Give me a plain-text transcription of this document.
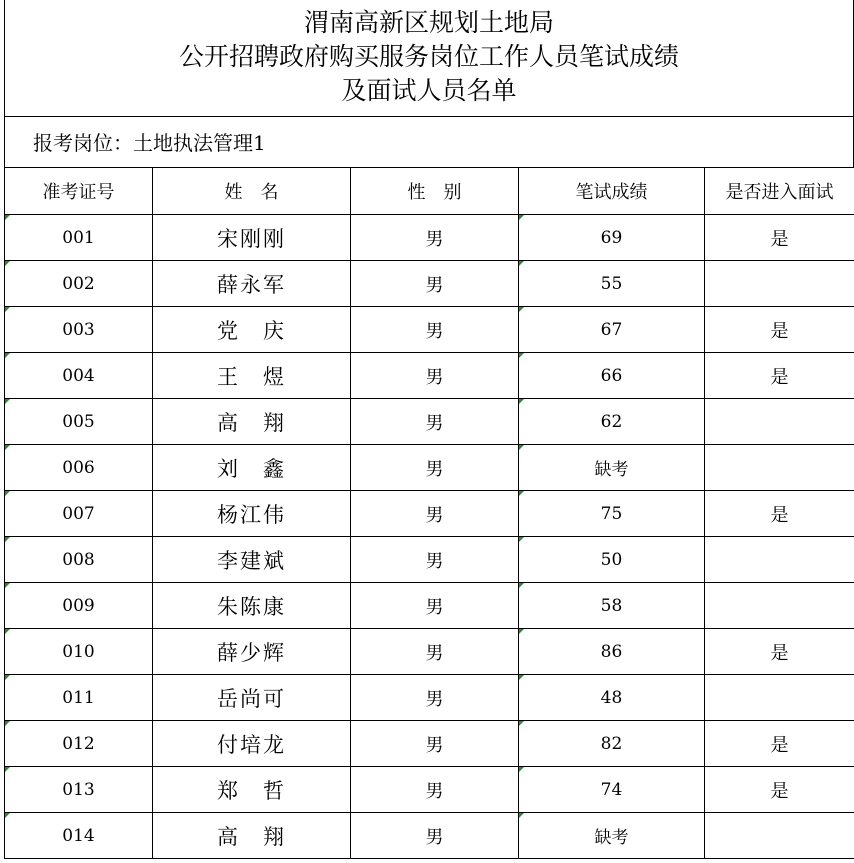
渭南高新区规划土地局
公开招聘政府购买服务岗位工作人员笔试成绩
及面试人员名单
报考岗位：土地执法管理1
准考证号	姓　名	性　别	笔试成绩	是否进入面试

001	宋刚刚	男	69	是

002	薛永军	男	55	

003	党　庆	男	67	是

004	王　煜	男	66	是

005	高　翔	男	62	

006	刘　鑫	男	缺考	

007	杨江伟	男	75	是

008	李建斌	男	50	

009	朱陈康	男	58	

010	薛少辉	男	86	是

011	岳尚可	男	48	

012	付培龙	男	82	是

013	郑　哲	男	74	是

014	高　翔	男	缺考	
